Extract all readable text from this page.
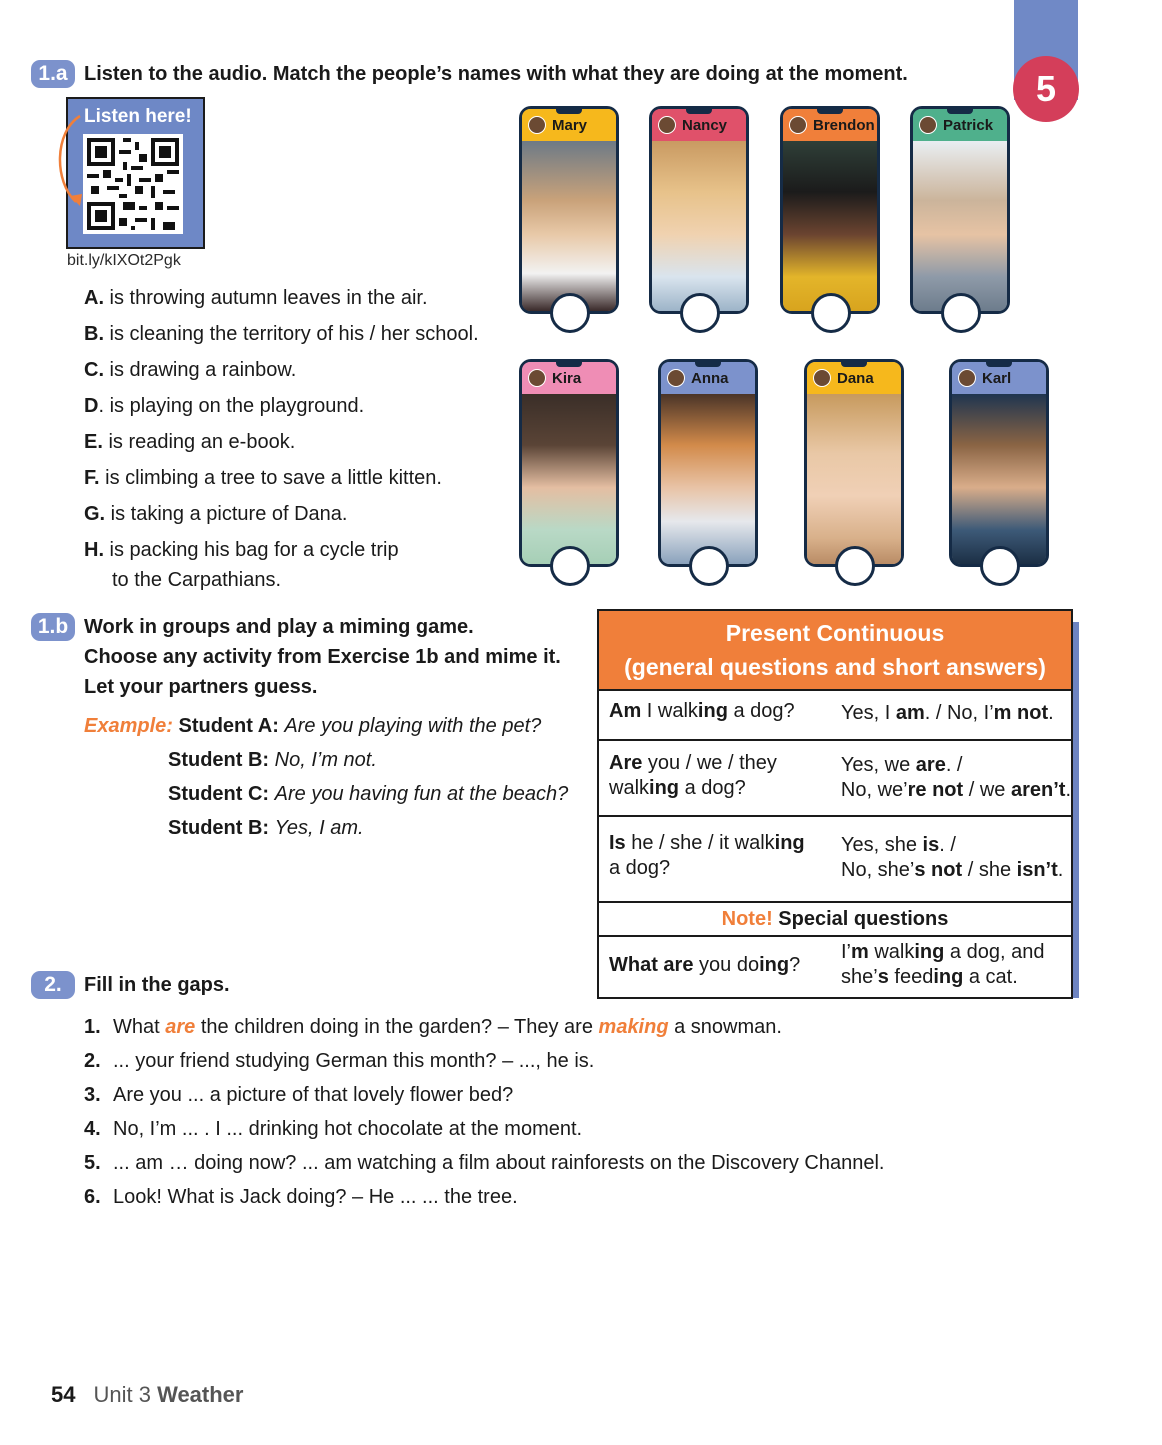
5
1.a Listen to the audio. Match the people’s names with what they are doing at the moment.
Listen here!
bit.ly/kIXOt2Pgk
A. is throwing autumn leaves in the air.
B. is cleaning the territory of his / her school.
C. is drawing a rainbow.
D. is playing on the playground.
E. is reading an e-book.
F. is climbing a tree to save a little kitten.
G. is taking a picture of Dana.
H. is packing his bag for a cycle trip
to the Carpathians.
Mary	Nancy	Brendon	Patrick
Kira	Anna	Dana	Karl
1.b Work in groups and play a miming game.
Choose any activity from Exercise 1b and mime it.
Let your partners guess.
Example: Student A: Are you playing with the pet?
Student B: No, I’m not.
Student C: Are you having fun at the beach?
Student B: Yes, I am.
Present Continuous
(general questions and short answers)
Am I walking a dog?	Yes, I am. / No, I’m not.
Are you / we / they walking a dog?
Yes, we are. /
No, we’re not / we aren’t.
Is he / she / it walking
a dog?
Yes, she is. /
No, she’s not / she isn’t.
Note! Special questions
What are you doing?
I’m walking a dog, and
she’s feeding a cat.
2.	Fill in the gaps.
1. What are the children doing in the garden? – They are making a snowman.
2. ... your friend studying German this month? – ..., he is.
3. Are you ... a picture of that lovely flower bed?
4. No, I’m ... . I ... drinking hot chocolate at the moment.
5. ... am … doing now? ... am watching a film about rainforests on the Discovery Channel.
6. Look! What is Jack doing? – He ... ... the tree.
54 Unit 3 Weather
